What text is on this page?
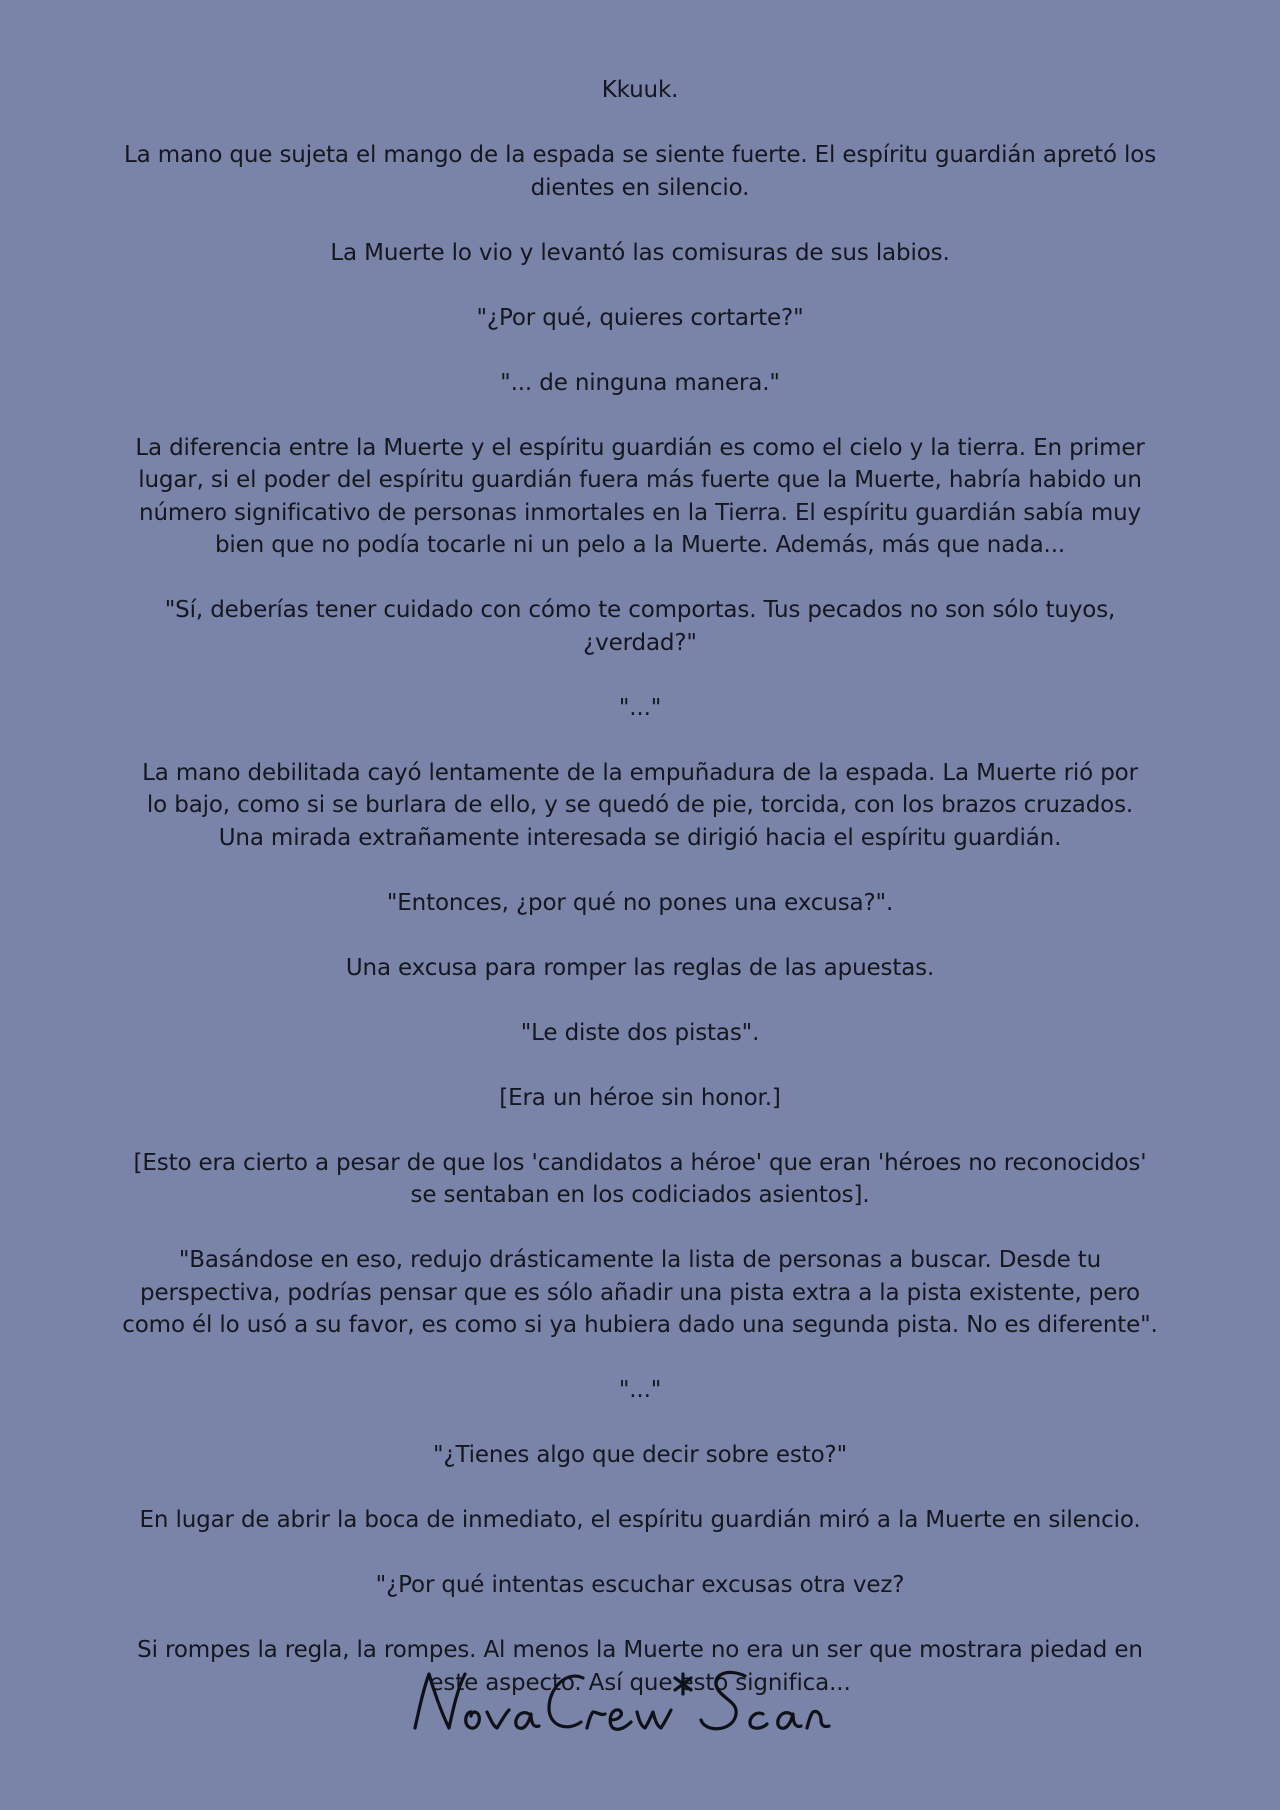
Kkuuk.

La mano que sujeta el mango de la espada se siente fuerte. El espíritu guardián apretó los dientes en silencio.

La Muerte lo vio y levantó las comisuras de sus labios.

"¿Por qué, quieres cortarte?"

"... de ninguna manera."

La diferencia entre la Muerte y el espíritu guardián es como el cielo y la tierra. En primer lugar, si el poder del espíritu guardián fuera más fuerte que la Muerte, habría habido un número significativo de personas inmortales en la Tierra. El espíritu guardián sabía muy bien que no podía tocarle ni un pelo a la Muerte. Además, más que nada...

"Sí, deberías tener cuidado con cómo te comportas. Tus pecados no son sólo tuyos, ¿verdad?"

"..."

La mano debilitada cayó lentamente de la empuñadura de la espada. La Muerte rió por lo bajo, como si se burlara de ello, y se quedó de pie, torcida, con los brazos cruzados. Una mirada extrañamente interesada se dirigió hacia el espíritu guardián.

"Entonces, ¿por qué no pones una excusa?".

Una excusa para romper las reglas de las apuestas.

"Le diste dos pistas".

[Era un héroe sin honor.]

[Esto era cierto a pesar de que los 'candidatos a héroe' que eran 'héroes no reconocidos' se sentaban en los codiciados asientos].

"Basándose en eso, redujo drásticamente la lista de personas a buscar. Desde tu perspectiva, podrías pensar que es sólo añadir una pista extra a la pista existente, pero como él lo usó a su favor, es como si ya hubiera dado una segunda pista. No es diferente".

"..."

"¿Tienes algo que decir sobre esto?"

En lugar de abrir la boca de inmediato, el espíritu guardián miró a la Muerte en silencio.

"¿Por qué intentas escuchar excusas otra vez?

Si rompes la regla, la rompes. Al menos la Muerte no era un ser que mostrara piedad en este aspecto. Así que esto significa...
